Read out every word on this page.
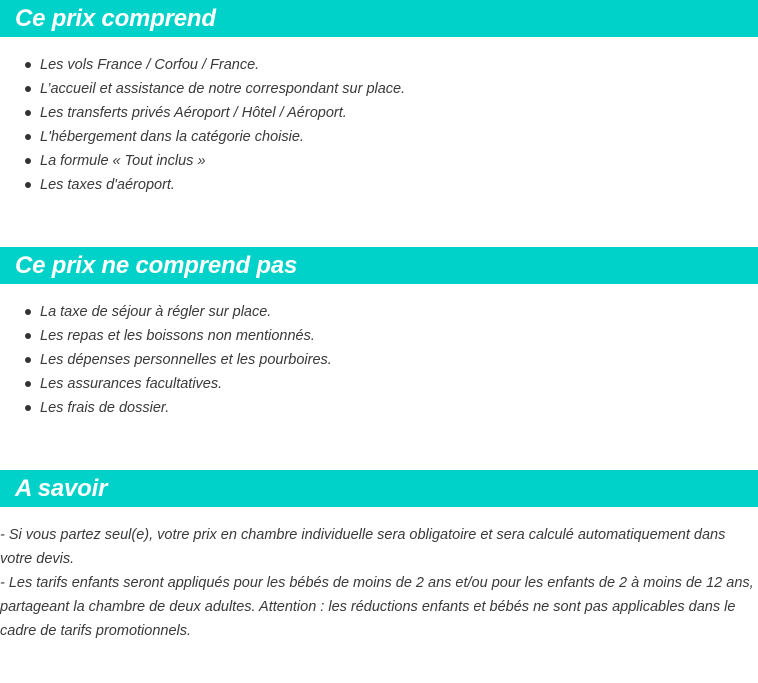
Ce prix comprend
Les vols France / Corfou / France.
L’accueil et assistance de notre correspondant sur place.
Les transferts privés Aéroport / Hôtel / Aéroport.
L'hébergement dans la catégorie choisie.
La formule « Tout inclus »
Les taxes d'aéroport.
Ce prix ne comprend pas
La taxe de séjour à régler sur place.
Les repas et les boissons non mentionnés.
Les dépenses personnelles et les pourboires.
Les assurances facultatives.
Les frais de dossier.
A savoir

- Si vous partez seul(e), votre prix en chambre individuelle sera obligatoire et sera calculé automatiquement dans votre devis.

- Les tarifs enfants seront appliqués pour les bébés de moins de 2 ans et/ou pour les enfants de 2 à moins de 12 ans, partageant la chambre de deux adultes. Attention : les réductions enfants et bébés ne sont pas applicables dans le cadre de tarifs promotionnels.
